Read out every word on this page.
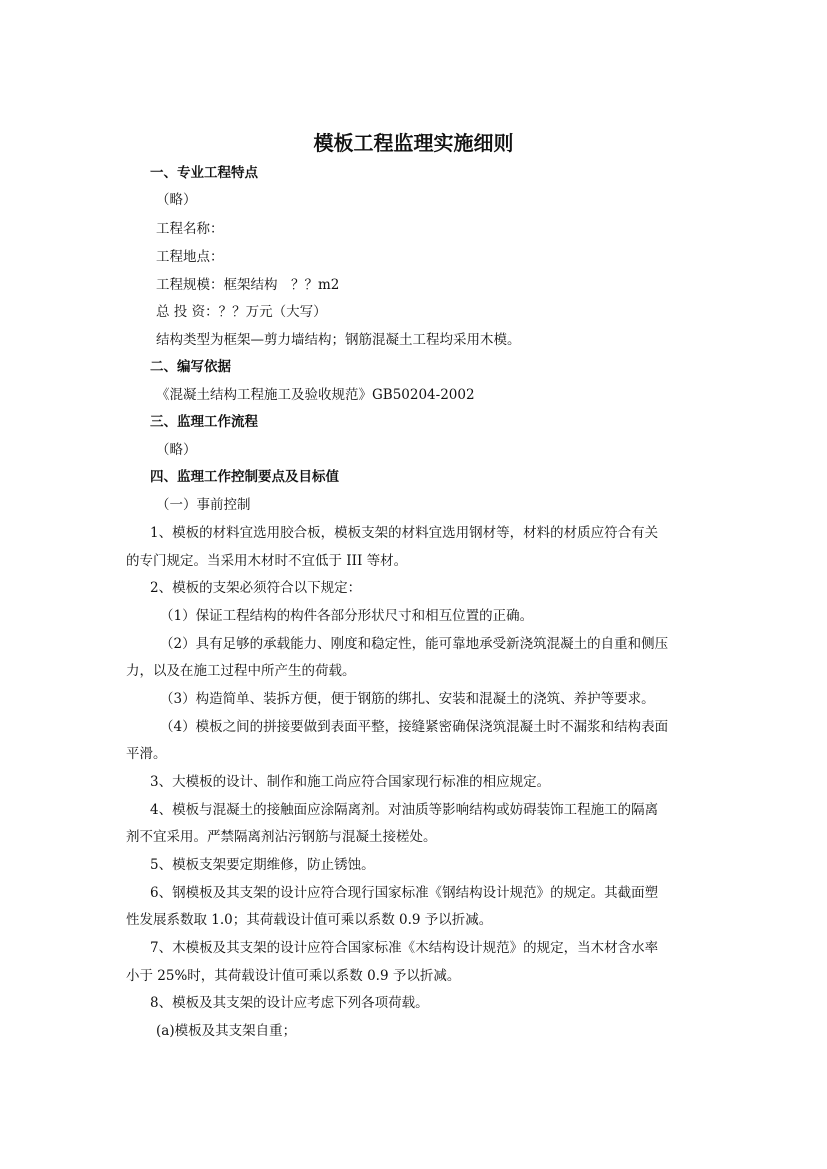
模板工程监理实施细则

一、专业工程特点

（略）

工程名称：

工程地点：

工程规模：框架结构　？？m2

总 投 资：？？万元（大写）

结构类型为框架—剪力墙结构；钢筋混凝土工程均采用木模。

二、编写依据

《混凝土结构工程施工及验收规范》GB50204-2002

三、监理工作流程

（略）

四、监理工作控制要点及目标值

（一）事前控制

1、模板的材料宜选用胶合板，模板支架的材料宜选用钢材等，材料的材质应符合有关

的专门规定。当采用木材时不宜低于 III 等材。

2、模板的支架必须符合以下规定：

（1）保证工程结构的构件各部分形状尺寸和相互位置的正确。

（2）具有足够的承载能力、刚度和稳定性，能可靠地承受新浇筑混凝土的自重和侧压

力，以及在施工过程中所产生的荷载。

（3）构造简单、装拆方便，便于钢筋的绑扎、安装和混凝土的浇筑、养护等要求。

（4）模板之间的拼接要做到表面平整，接缝紧密确保浇筑混凝土时不漏浆和结构表面

平滑。

3、大模板的设计、制作和施工尚应符合国家现行标准的相应规定。

4、模板与混凝土的接触面应涂隔离剂。对油质等影响结构或妨碍装饰工程施工的隔离

剂不宜采用。严禁隔离剂沾污钢筋与混凝土接槎处。

5、模板支架要定期维修，防止锈蚀。

6、钢模板及其支架的设计应符合现行国家标准《钢结构设计规范》的规定。其截面塑

性发展系数取 1.0；其荷载设计值可乘以系数 0.9 予以折减。

7、木模板及其支架的设计应符合国家标准《木结构设计规范》的规定，当木材含水率

小于 25%时，其荷载设计值可乘以系数 0.9 予以折减。

8、模板及其支架的设计应考虑下列各项荷载。

(a)模板及其支架自重；
